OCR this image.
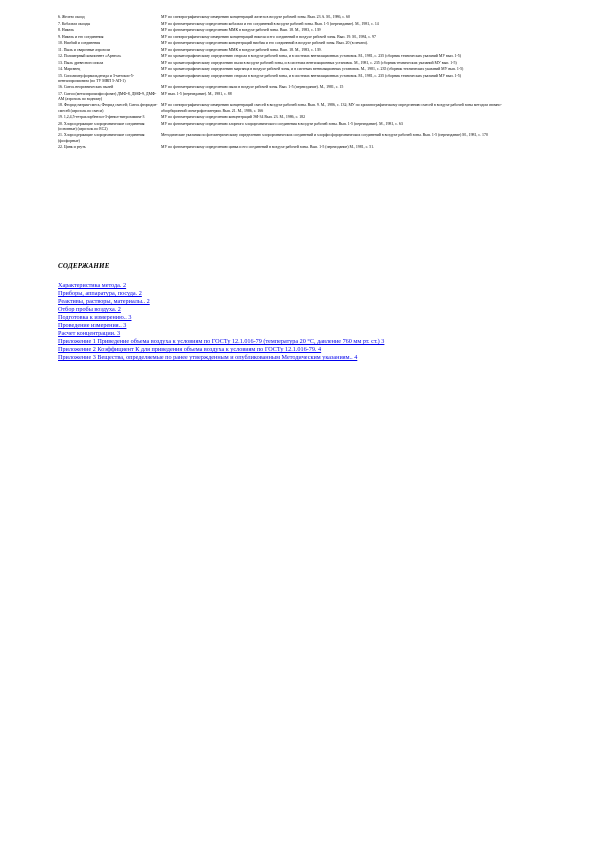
6. Железо оксид	МУ по спектрографическому измерению концентраций железа в воздухе рабочей зоны. Вып. 23 А. М., 1986, с. 60
7. Кобальта оксиды	МУ по фотометрическому определению кобальта и его соединений в воздухе рабочей зоны. Вып. 1-5 (переиздание). М., 1981, с. 14
8. Никель	МУ по фотометрическому определению ММК в воздухе рабочей зоны. Вып. 18. М., 1983, с. 139
9. Никель и его соединения	МУ по спектрографическому измерению концентраций никеля и его соединений в воздухе рабочей зоны. Вып. 19. М., 1984, с. 97
10. Ниобий и соединения	МУ по фотометрическому определению концентраций ниобия и его соединений в воздухе рабочей зоны. Вып. 20 (в печати).
11. Пыль и сварочные аэрозоли	МУ по фотометрическому определению ММК в воздухе рабочей зоны. Вып. 18. М., 1983, с. 139.
12. Полимерный компонент «Арнеол»	МУ по хроматографическому определению стирола в воздухе рабочей зоны, и в системах вентиляционных установок. М., 1981, с. 235 (сборник технических указаний МУ вып. 1-5)
13. Пыль древесного опила	МУ по хроматографическому определению пыли в воздухе рабочей зоны, и в системах вентиляционных установок. М., 1981, с. 235 (сборник технических указаний МУ вып. 1-5)
14. Марганец	МУ по хроматографическому определению марганца в воздухе рабочей зоны, и в системах вентиляционных установок. М., 1981, с. 235 (сборник технических указаний МУ вып. 1-5)
15. Сополимер формальдегида и 3-метокси-5-пентилпропионата (по ТУ МВП 5-АП-1)	МУ по хроматографическому определению стирола в воздухе рабочей зоны, и в системах вентиляционных установок. М., 1981, с. 235 (сборник технических указаний МУ вып. 1-5)
16. Смесь неорганических пылей	МУ по фотометрическому определению пыли в воздухе рабочей зоны. Вып. 1-5 (переиздание). М., 1981, с. 15
17. Смеси (метилпропилфосфонат) ДМФ-8, ДМФ-9, ДМФ-АМ (аэрозоль по водному)	МУ вып. 1-5 (переиздание). М., 1981, с. 88
18. Фторид натрия-смесь; Фторид смесей; Смесь фторидов-смесей (аэрозоль по смеси)	МУ по спектрографическому измерению концентраций смесей в воздухе рабочей зоны. Вып. 9. М., 1986, с. 132; МУ по хроматографическому определению смесей в воздухе рабочей зоны методом атомно-абсорбционной спектрофотометрии. Вып. 21. М., 1986, с. 166
19. 1,2,4,5-тетрахлорбензол-3-фенил-нитрозамина-3	МУ по фотометрическому определению концентраций ЭИ-34 Вып. 23. М., 1986, с. 182
20. Хлорсодержащие хлорорганические соединения (основные) (аэрозоль по ЕС2)	МУ по фотометрическому определению хлорного хлорорганического соединения в воздухе рабочей зоны. Вып. 1-5 (переиздание). М., 1981, с. 63
21. Хлорсодержащие хлорорганические соединения (фосфорные)	Методические указания по фотометрическому определению хлорорганических соединений и хлорфосфорорганических соединений в воздухе рабочей зоны. Вып. 1-5 (переиздание) М., 1981, с. 170
22. Цинк и ртуть	МУ по фотометрическому определению цинка и его соединений в воздухе рабочей зоны. Вып. 1-5 (переиздание) М., 1981, с. 51.
СОДЕРЖАНИЕ
Характеристика метода. 2
Приборы, аппаратура, посуда. 2
Реактивы, растворы, материалы.. 2
Отбор пробы воздуха. 2
Подготовка к измерению.. 3
Проведение измерения.. 3
Расчет концентрации. 3
Приложение 1 Приведение объема воздуха к условиям по ГОСТу 12.1.016-79 (температура 20 °С, давление 760 мм рт. ст.) 3
Приложение 2 Коэффициент К для приведения объема воздуха к условиям по ГОСТу 12.1.016-79. 4
Приложение 3 Вещества, определяемые по ранее утвержденным и опубликованным Методическим указаниям.. 4
